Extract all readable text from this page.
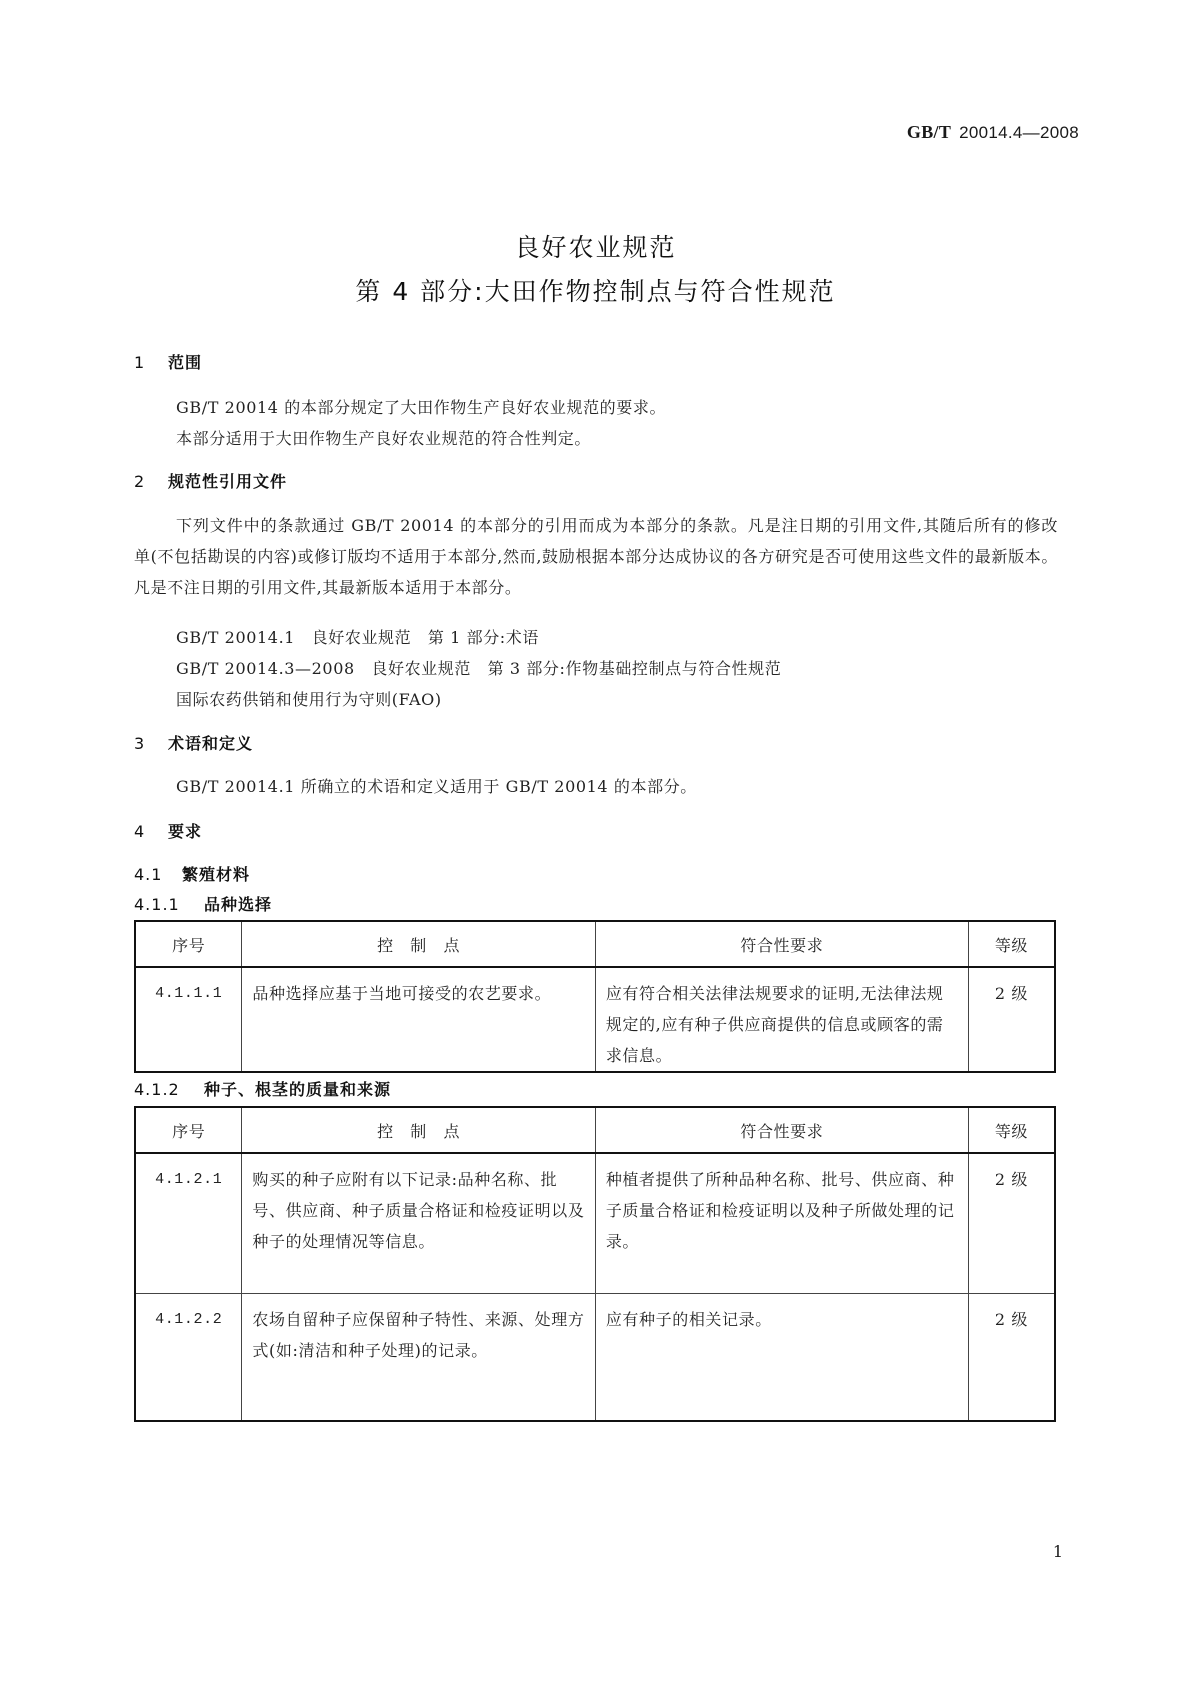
GB/T 20014.4—2008
良好农业规范
第 4 部分:大田作物控制点与符合性规范
1 范围
GB/T 20014 的本部分规定了大田作物生产良好农业规范的要求。
本部分适用于大田作物生产良好农业规范的符合性判定。
2 规范性引用文件
下列文件中的条款通过 GB/T 20014 的本部分的引用而成为本部分的条款。凡是注日期的引用文件,其随后所有的修改单(不包括勘误的内容)或修订版均不适用于本部分,然而,鼓励根据本部分达成协议的各方研究是否可使用这些文件的最新版本。凡是不注日期的引用文件,其最新版本适用于本部分。
GB/T 20014.1　良好农业规范　第 1 部分:术语
GB/T 20014.3—2008　良好农业规范　第 3 部分:作物基础控制点与符合性规范
国际农药供销和使用行为守则(FAO)
3 术语和定义
GB/T 20014.1 所确立的术语和定义适用于 GB/T 20014 的本部分。
4 要求
4.1 繁殖材料
4.1.1 品种选择
序号	控　制　点	符合性要求	等级
4.1.1.1	品种选择应基于当地可接受的农艺要求。	应有符合相关法律法规要求的证明,无法律法规规定的,应有种子供应商提供的信息或顾客的需求信息。	2 级
4.1.2 种子、根茎的质量和来源
序号	控　制　点	符合性要求	等级
4.1.2.1	购买的种子应附有以下记录:品种名称、批号、供应商、种子质量合格证和检疫证明以及种子的处理情况等信息。	种植者提供了所种品种名称、批号、供应商、种子质量合格证和检疫证明以及种子所做处理的记录。	2 级
4.1.2.2	农场自留种子应保留种子特性、来源、处理方式(如:清洁和种子处理)的记录。	应有种子的相关记录。	2 级
1
